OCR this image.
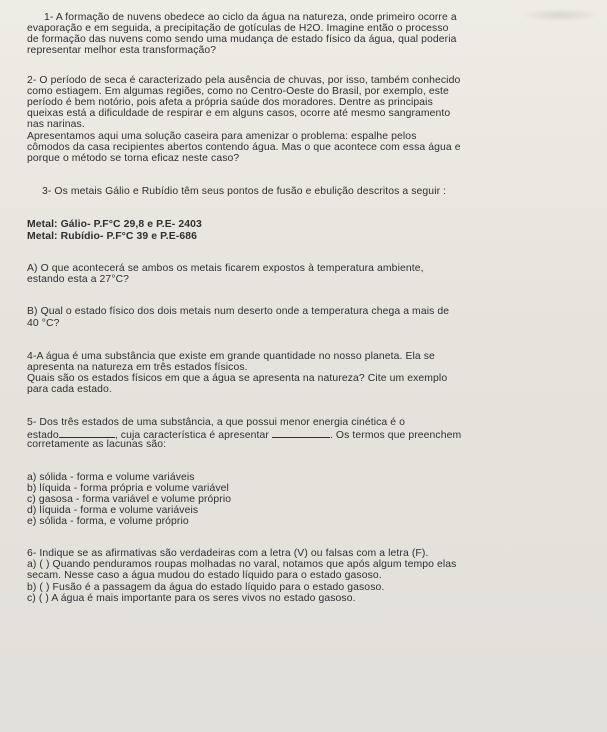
1- A formação de nuvens obedece ao ciclo da água na natureza, onde primeiro ocorre a
evaporação e em seguida, a precipitação de gotículas de H2O. Imagine então o processo
de formação das nuvens como sendo uma mudança de estado físico da água, qual poderia
representar melhor esta transformação?
2- O período de seca é caracterizado pela ausência de chuvas, por isso, também conhecido
como estiagem. Em algumas regiões, como no Centro-Oeste do Brasil, por exemplo, este
período é bem notório, pois afeta a própria saúde dos moradores. Dentre as principais
queixas está a dificuldade de respirar e em alguns casos, ocorre até mesmo sangramento
nas narinas.
Apresentamos aqui uma solução caseira para amenizar o problema: espalhe pelos
cômodos da casa recipientes abertos contendo água. Mas o que acontece com essa água e
porque o método se torna eficaz neste caso?
3- Os metais Gálio e Rubídio têm seus pontos de fusão e ebulição descritos a seguir :
Metal: Gálio- P.F°C 29,8 e P.E- 2403
Metal: Rubídio- P.F°C 39 e P.E-686
A) O que acontecerá se ambos os metais ficarem expostos à temperatura ambiente,
estando esta a 27°C?
B) Qual o estado físico dos dois metais num deserto onde a temperatura chega a mais de
40 °C?
4-A água é uma substância que existe em grande quantidade no nosso planeta. Ela se
apresenta na natureza em três estados físicos.
Quais são os estados físicos em que a água se apresenta na natureza? Cite um exemplo
para cada estado.
5- Dos três estados de uma substância, a que possui menor energia cinética é o
estado	, cuja característica é apresentar	. Os termos que preenchem
corretamente as lacunas são:
a) sólida - forma e volume variáveis
b) líquida - forma própria e volume variável
c) gasosa - forma variável e volume próprio
d) líquida - forma e volume variáveis
e) sólida - forma, e volume próprio
6- Indique se as afirmativas são verdadeiras com a letra (V) ou falsas com a letra (F).
a) ( ) Quando penduramos roupas molhadas no varal, notamos que após algum tempo elas
secam. Nesse caso a água mudou do estado líquido para o estado gasoso.
b) ( ) Fusão é a passagem da água do estado líquido para o estado gasoso.
c) ( ) A água é mais importante para os seres vivos no estado gasoso.
